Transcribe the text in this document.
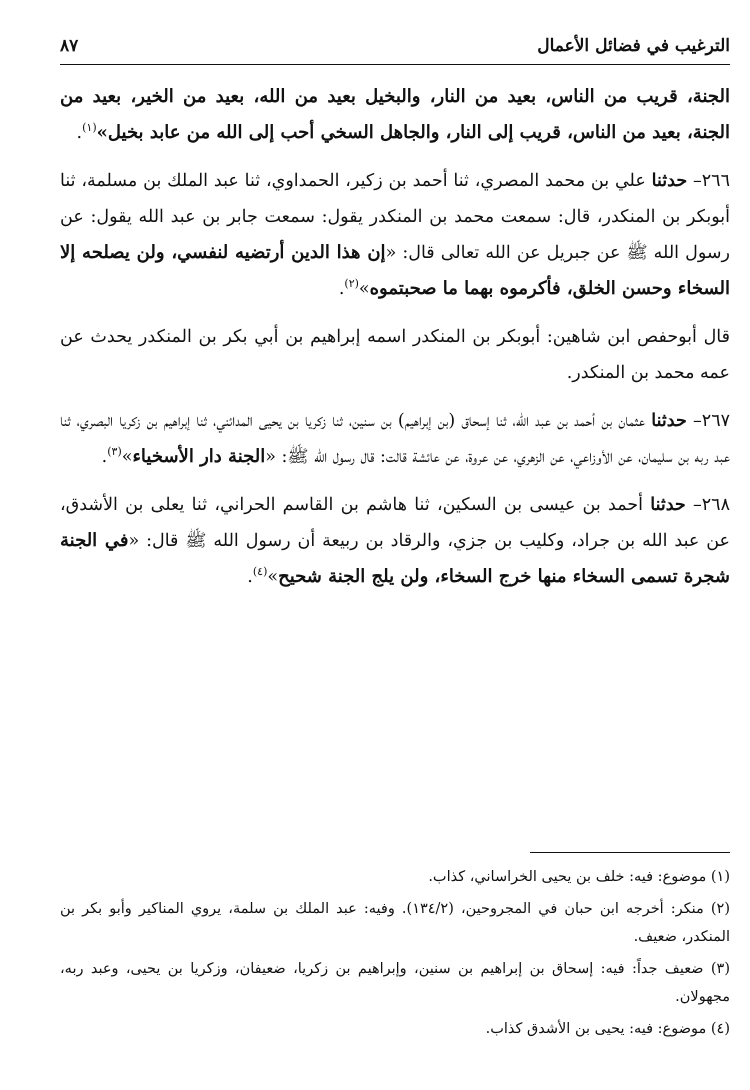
الترغيب في فضائل الأعمال
٨٧

الجنة، قريب من الناس، بعيد من النار، والبخيل بعيد من الله، بعيد من الخير، بعيد من الجنة، بعيد من الناس، قريب إلى النار، والجاهل السخي أحب إلى الله من عابد بخيل»$^{(١)}$.

٢٦٦– حدثنا علي بن محمد المصري، ثنا أحمد بن زكير، الحمداوي، ثنا عبد الملك بن مسلمة، ثنا أبوبكر بن المنكدر، قال: سمعت محمد بن المنكدر يقول: سمعت جابر بن عبد الله يقول: عن رسول الله ﷺ عن جبريل عن الله تعالى قال: «إن هذا الدين أرتضيه لنفسي، ولن يصلحه إلا السخاء وحسن الخلق، فأكرموه بهما ما صحبتموه»$^{(٢)}$.

قال أبوحفص ابن شاهين: أبوبكر بن المنكدر اسمه إبراهيم بن أبي بكر بن المنكدر يحدث عن عمه محمد بن المنكدر.

٢٦٧– حدثنا عثمان بن أحمد بن عبد الله، ثنا إسحاق (بن إبراهيم) بن سنين، ثنا زكريا بن يحيى المدائني، ثنا إبراهيم بن زكريا البصري، ثنا عبد ربه بن سليمان، عن الأوزاعي، عن الزهري، عن عروة، عن عائشة قالت: قال رسول الله ﷺ: «الجنة دار الأسخياء»$^{(٣)}$.

٢٦٨– حدثنا أحمد بن عيسى بن السكين، ثنا هاشم بن القاسم الحراني، ثنا يعلى بن الأشدق، عن عبد الله بن جراد، وكليب بن جزي، والرقاد بن ربيعة أن رسول الله ﷺ قال: «في الجنة شجرة تسمى السخاء منها خرج السخاء، ولن يلج الجنة شحيح»$^{(٤)}$.

(١) موضوع: فيه: خلف بن يحيى الخراساني، كذاب.

(٢) منكر: أخرجه ابن حبان في المجروحين، (١٣٤/٢). وفيه: عبد الملك بن سلمة، يروي المناكير وأبو بكر بن المنكدر، ضعيف.

(٣) ضعيف جداً: فيه: إسحاق بن إبراهيم بن سنين، وإبراهيم بن زكريا، ضعيفان، وزكريا بن يحيى، وعبد ربه، مجهولان.

(٤) موضوع: فيه: يحيى بن الأشدق كذاب.
